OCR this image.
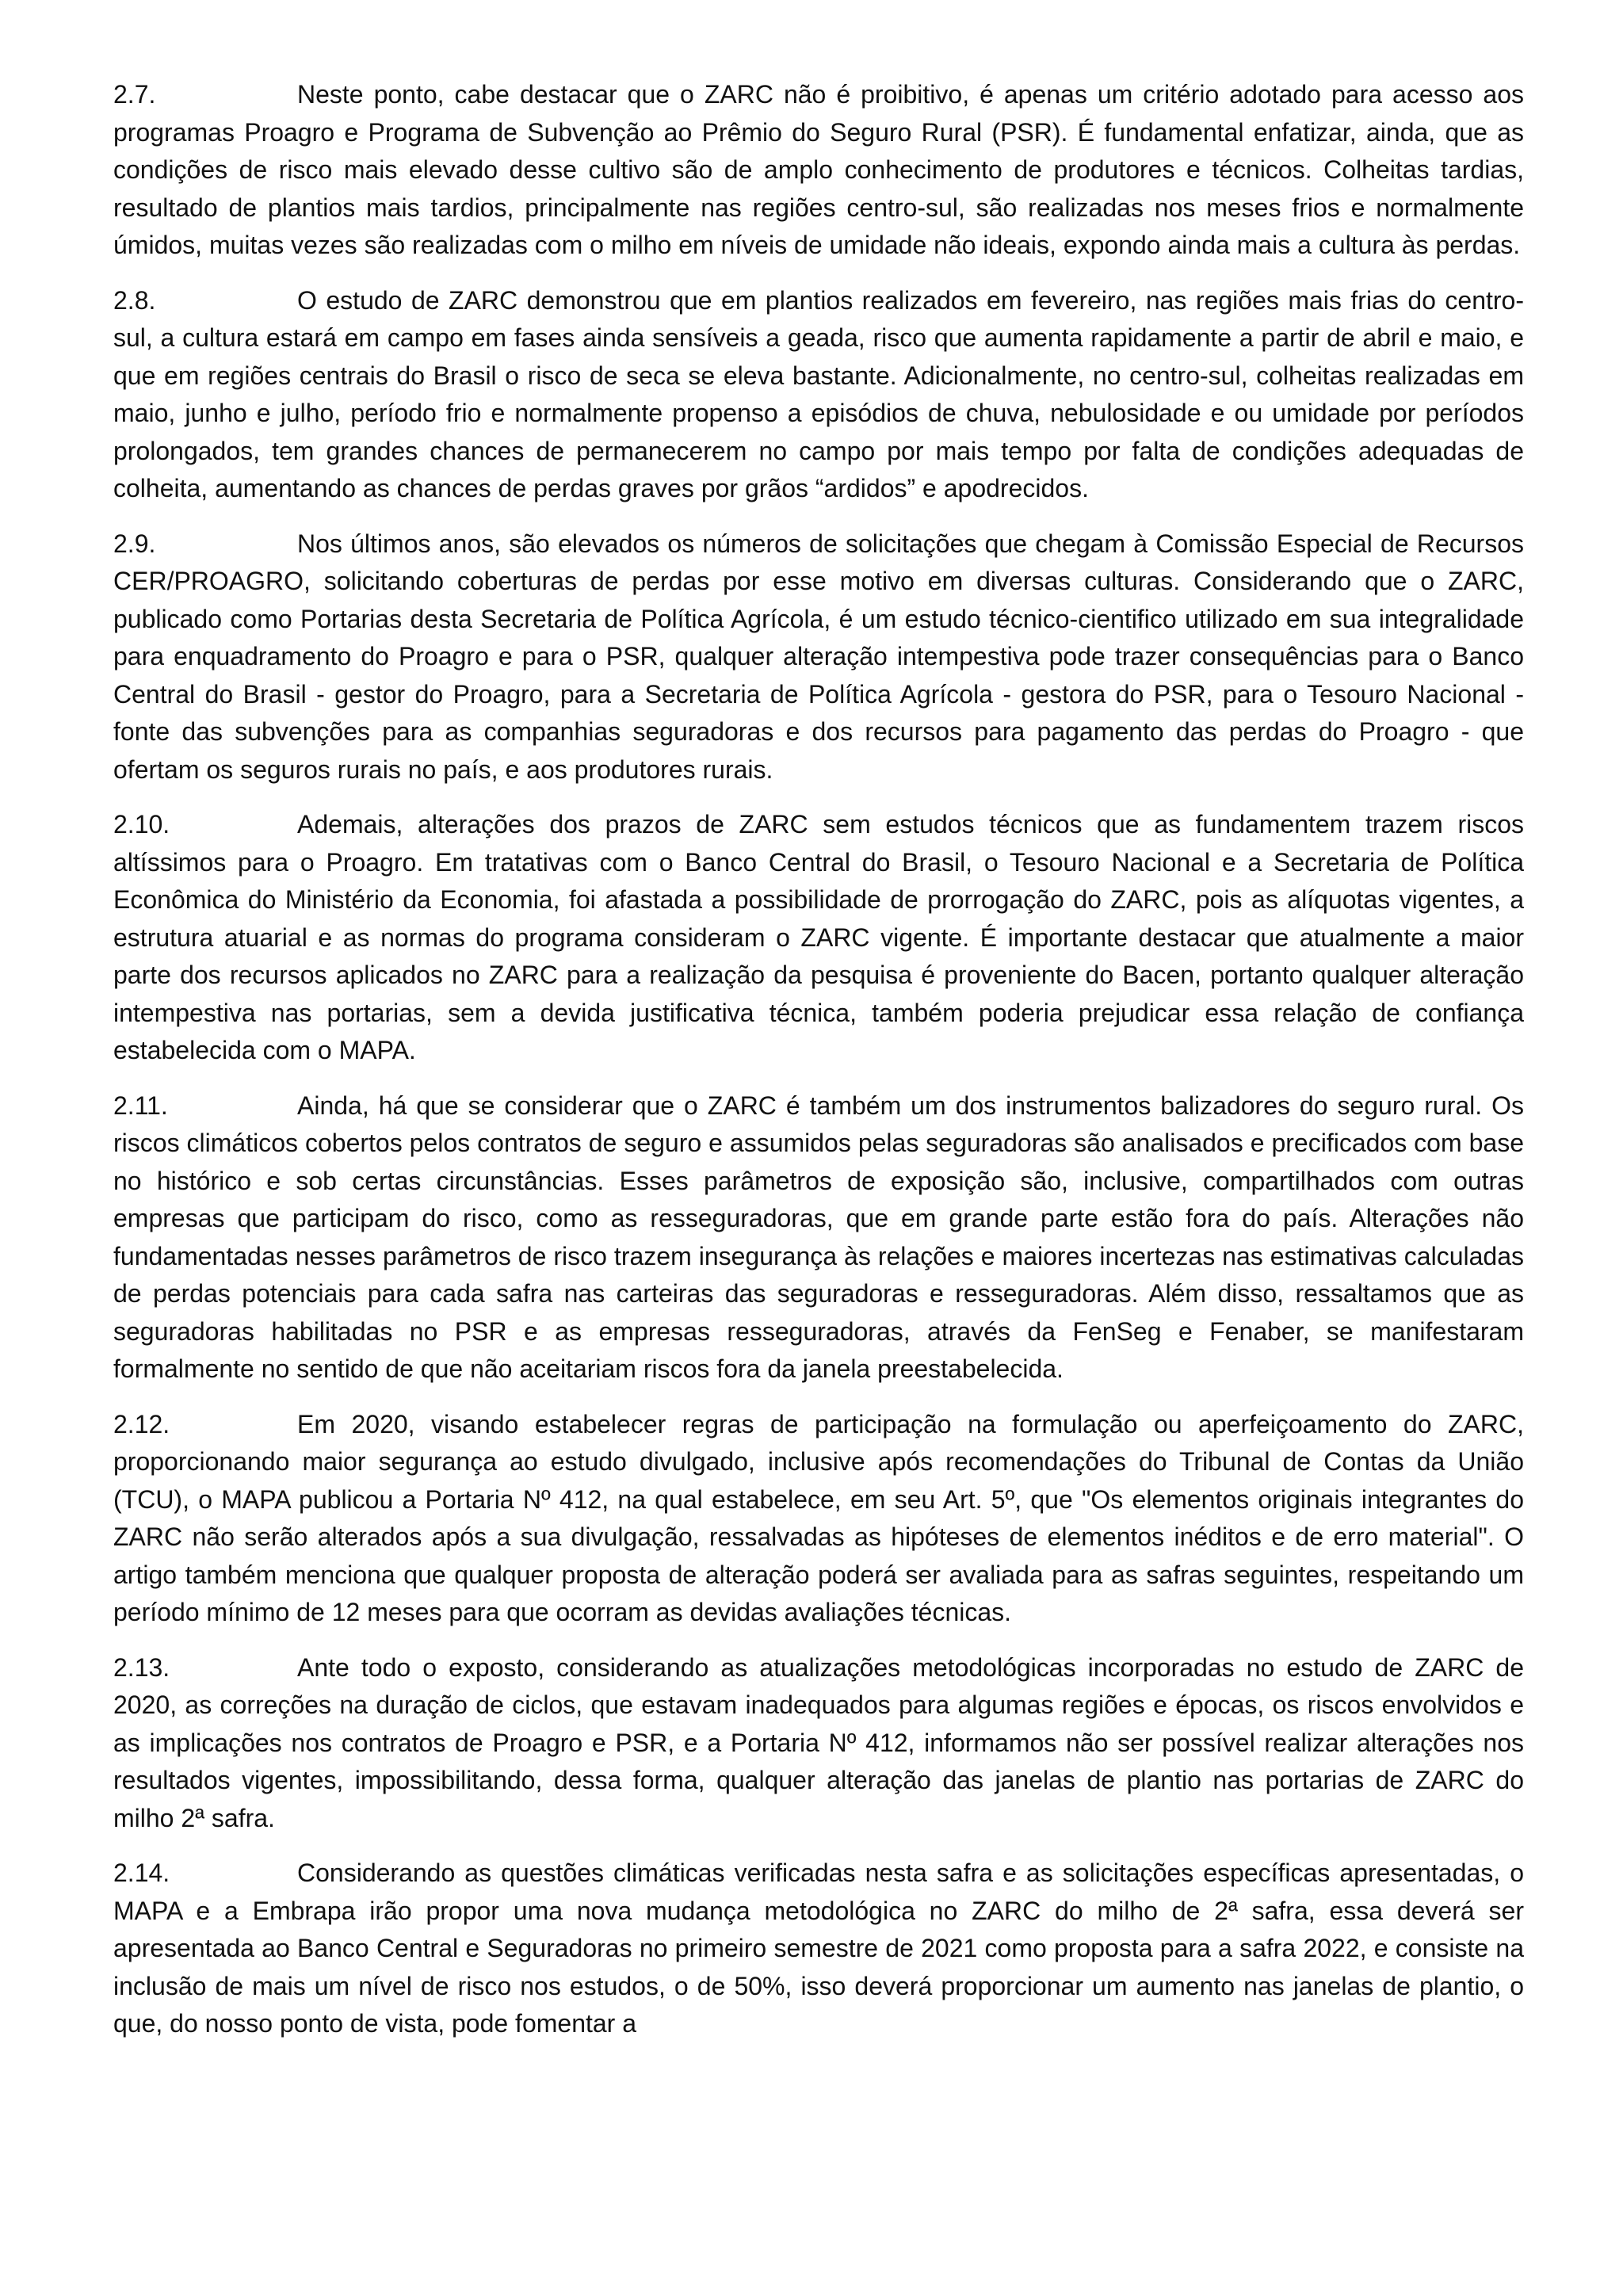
2.7.	Neste ponto, cabe destacar que o ZARC não é proibitivo, é apenas um critério adotado para acesso aos programas Proagro e Programa de Subvenção ao Prêmio do Seguro Rural (PSR). É fundamental enfatizar, ainda, que as condições de risco mais elevado desse cultivo são de amplo conhecimento de produtores e técnicos. Colheitas tardias, resultado de plantios mais tardios, principalmente nas regiões centro-sul, são realizadas nos meses frios e normalmente úmidos, muitas vezes são realizadas com o milho em níveis de umidade não ideais, expondo ainda mais a cultura às perdas.

2.8.	O estudo de ZARC demonstrou que em plantios realizados em fevereiro, nas regiões mais frias do centro-sul, a cultura estará em campo em fases ainda sensíveis a geada, risco que aumenta rapidamente a partir de abril e maio, e que em regiões centrais do Brasil o risco de seca se eleva bastante. Adicionalmente, no centro-sul, colheitas realizadas em maio, junho e julho, período frio e normalmente propenso a episódios de chuva, nebulosidade e ou umidade por períodos prolongados, tem grandes chances de permanecerem no campo por mais tempo por falta de condições adequadas de colheita, aumentando as chances de perdas graves por grãos “ardidos” e apodrecidos.

2.9.	Nos últimos anos, são elevados os números de solicitações que chegam à Comissão Especial de Recursos CER/PROAGRO, solicitando coberturas de perdas por esse motivo em diversas culturas. Considerando que o ZARC, publicado como Portarias desta Secretaria de Política Agrícola, é um estudo técnico-cientifico utilizado em sua integralidade para enquadramento do Proagro e para o PSR, qualquer alteração intempestiva pode trazer consequências para o Banco Central do Brasil - gestor do Proagro, para a Secretaria de Política Agrícola - gestora do PSR, para o Tesouro Nacional - fonte das subvenções para as companhias seguradoras e dos recursos para pagamento das perdas do Proagro - que ofertam os seguros rurais no país, e aos produtores rurais.

2.10.	Ademais, alterações dos prazos de ZARC sem estudos técnicos que as fundamentem trazem riscos altíssimos para o Proagro. Em tratativas com o Banco Central do Brasil, o Tesouro Nacional e a Secretaria de Política Econômica do Ministério da Economia, foi afastada a possibilidade de prorrogação do ZARC, pois as alíquotas vigentes, a estrutura atuarial e as normas do programa consideram o ZARC vigente. É importante destacar que atualmente a maior parte dos recursos aplicados no ZARC para a realização da pesquisa é proveniente do Bacen, portanto qualquer alteração intempestiva nas portarias, sem a devida justificativa técnica, também poderia prejudicar essa relação de confiança estabelecida com o MAPA.

2.11.	Ainda, há que se considerar que o ZARC é também um dos instrumentos balizadores do seguro rural. Os riscos climáticos cobertos pelos contratos de seguro e assumidos pelas seguradoras são analisados e precificados com base no histórico e sob certas circunstâncias. Esses parâmetros de exposição são, inclusive, compartilhados com outras empresas que participam do risco, como as resseguradoras, que em grande parte estão fora do país. Alterações não fundamentadas nesses parâmetros de risco trazem insegurança às relações e maiores incertezas nas estimativas calculadas de perdas potenciais para cada safra nas carteiras das seguradoras e resseguradoras. Além disso, ressaltamos que as seguradoras habilitadas no PSR e as empresas resseguradoras, através da FenSeg e Fenaber, se manifestaram formalmente no sentido de que não aceitariam riscos fora da janela preestabelecida.

2.12.	Em 2020, visando estabelecer regras de participação na formulação ou aperfeiçoamento do ZARC, proporcionando maior segurança ao estudo divulgado, inclusive após recomendações do Tribunal de Contas da União (TCU), o MAPA publicou a Portaria Nº 412, na qual estabelece, em seu Art. 5º, que "Os elementos originais integrantes do ZARC não serão alterados após a sua divulgação, ressalvadas as hipóteses de elementos inéditos e de erro material". O artigo também menciona que qualquer proposta de alteração poderá ser avaliada para as safras seguintes, respeitando um período mínimo de 12 meses para que ocorram as devidas avaliações técnicas.

2.13.	Ante todo o exposto, considerando as atualizações metodológicas incorporadas no estudo de ZARC de 2020, as correções na duração de ciclos, que estavam inadequados para algumas regiões e épocas, os riscos envolvidos e as implicações nos contratos de Proagro e PSR, e a Portaria Nº 412, informamos não ser possível realizar alterações nos resultados vigentes, impossibilitando, dessa forma, qualquer alteração das janelas de plantio nas portarias de ZARC do milho 2ª safra.

2.14.	Considerando as questões climáticas verificadas nesta safra e as solicitações específicas apresentadas, o MAPA e a Embrapa irão propor uma nova mudança metodológica no ZARC do milho de 2ª safra, essa deverá ser apresentada ao Banco Central e Seguradoras no primeiro semestre de 2021 como proposta para a safra 2022, e consiste na inclusão de mais um nível de risco nos estudos, o de 50%, isso deverá proporcionar um aumento nas janelas de plantio, o que, do nosso ponto de vista, pode fomentar a
